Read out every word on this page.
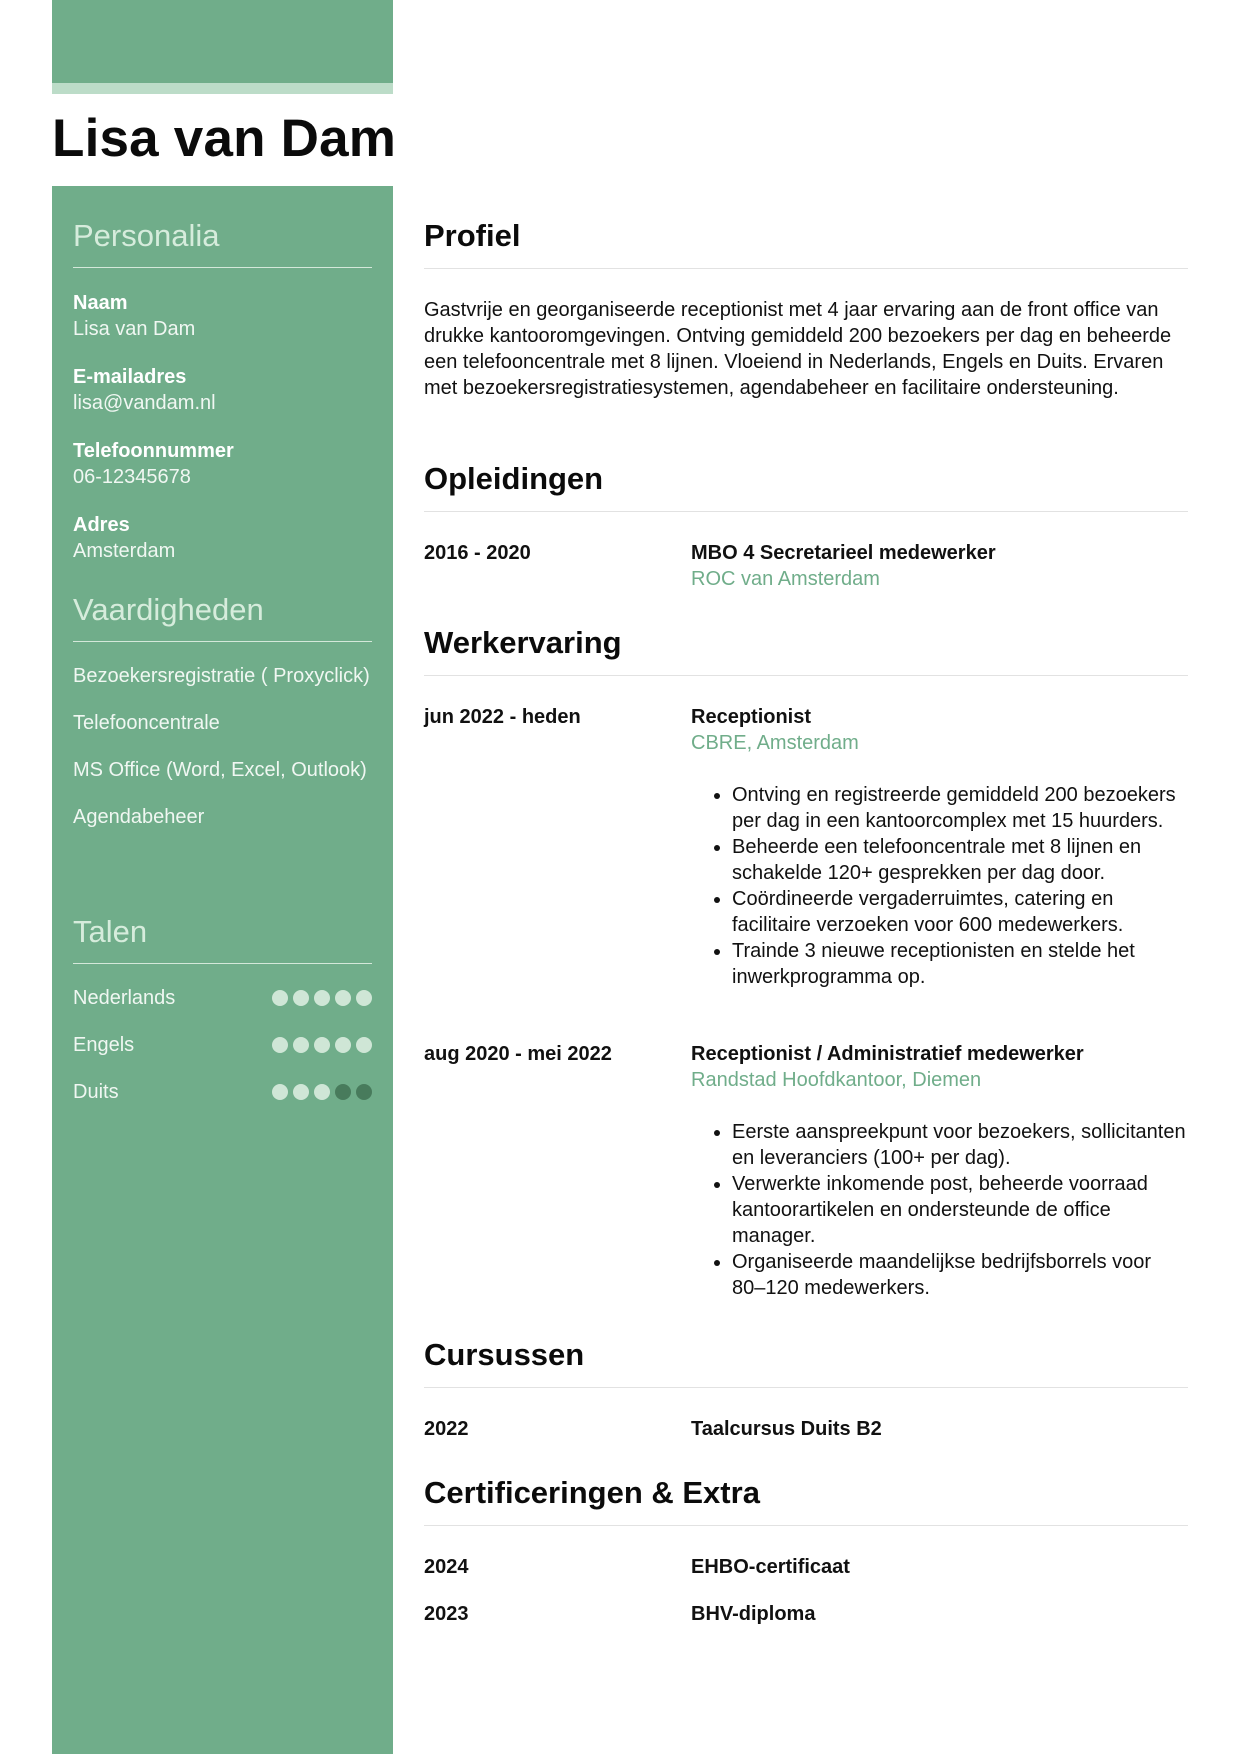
Lisa van Dam
Personalia
Naam
Lisa van Dam
E-mailadres
lisa@vandam.nl
Telefoonnummer
06-12345678
Adres
Amsterdam
Vaardigheden
Bezoekersregistratie ( Proxyclick)
Telefooncentrale
MS Office (Word, Excel, Outlook)
Agendabeheer
Talen
Nederlands
Engels
Duits
Profiel

Gastvrije en georganiseerde receptionist met 4 jaar ervaring aan de front office van drukke kantooromgevingen. Ontving gemiddeld 200 bezoekers per dag en beheerde een telefooncentrale met 8 lijnen. Vloeiend in Nederlands, Engels en Duits. Ervaren met bezoekersregistratiesystemen, agendabeheer en facilitaire ondersteuning.

Opleidingen
2016 - 2020	MBO 4 Secretarieel medewerker
ROC van Amsterdam
Werkervaring
jun 2022 - heden	Receptionist
CBRE, Amsterdam
• Ontving en registreerde gemiddeld 200 bezoekers per dag in een kantoorcomplex met 15 huurders.
• Beheerde een telefooncentrale met 8 lijnen en schakelde 120+ gesprekken per dag door.
• Coördineerde vergaderruimtes, catering en facilitaire verzoeken voor 600 medewerkers.
• Trainde 3 nieuwe receptionisten en stelde het inwerkprogramma op.
aug 2020 - mei 2022	Receptionist / Administratief medewerker
Randstad Hoofdkantoor, Diemen
• Eerste aanspreekpunt voor bezoekers, sollicitanten en leveranciers (100+ per dag).
• Verwerkte inkomende post, beheerde voorraad kantoorartikelen en ondersteunde de office manager.
• Organiseerde maandelijkse bedrijfsborrels voor 80–120 medewerkers.
Cursussen
2022	Taalcursus Duits B2
Certificeringen & Extra
2024	EHBO-certificaat
2023	BHV-diploma
